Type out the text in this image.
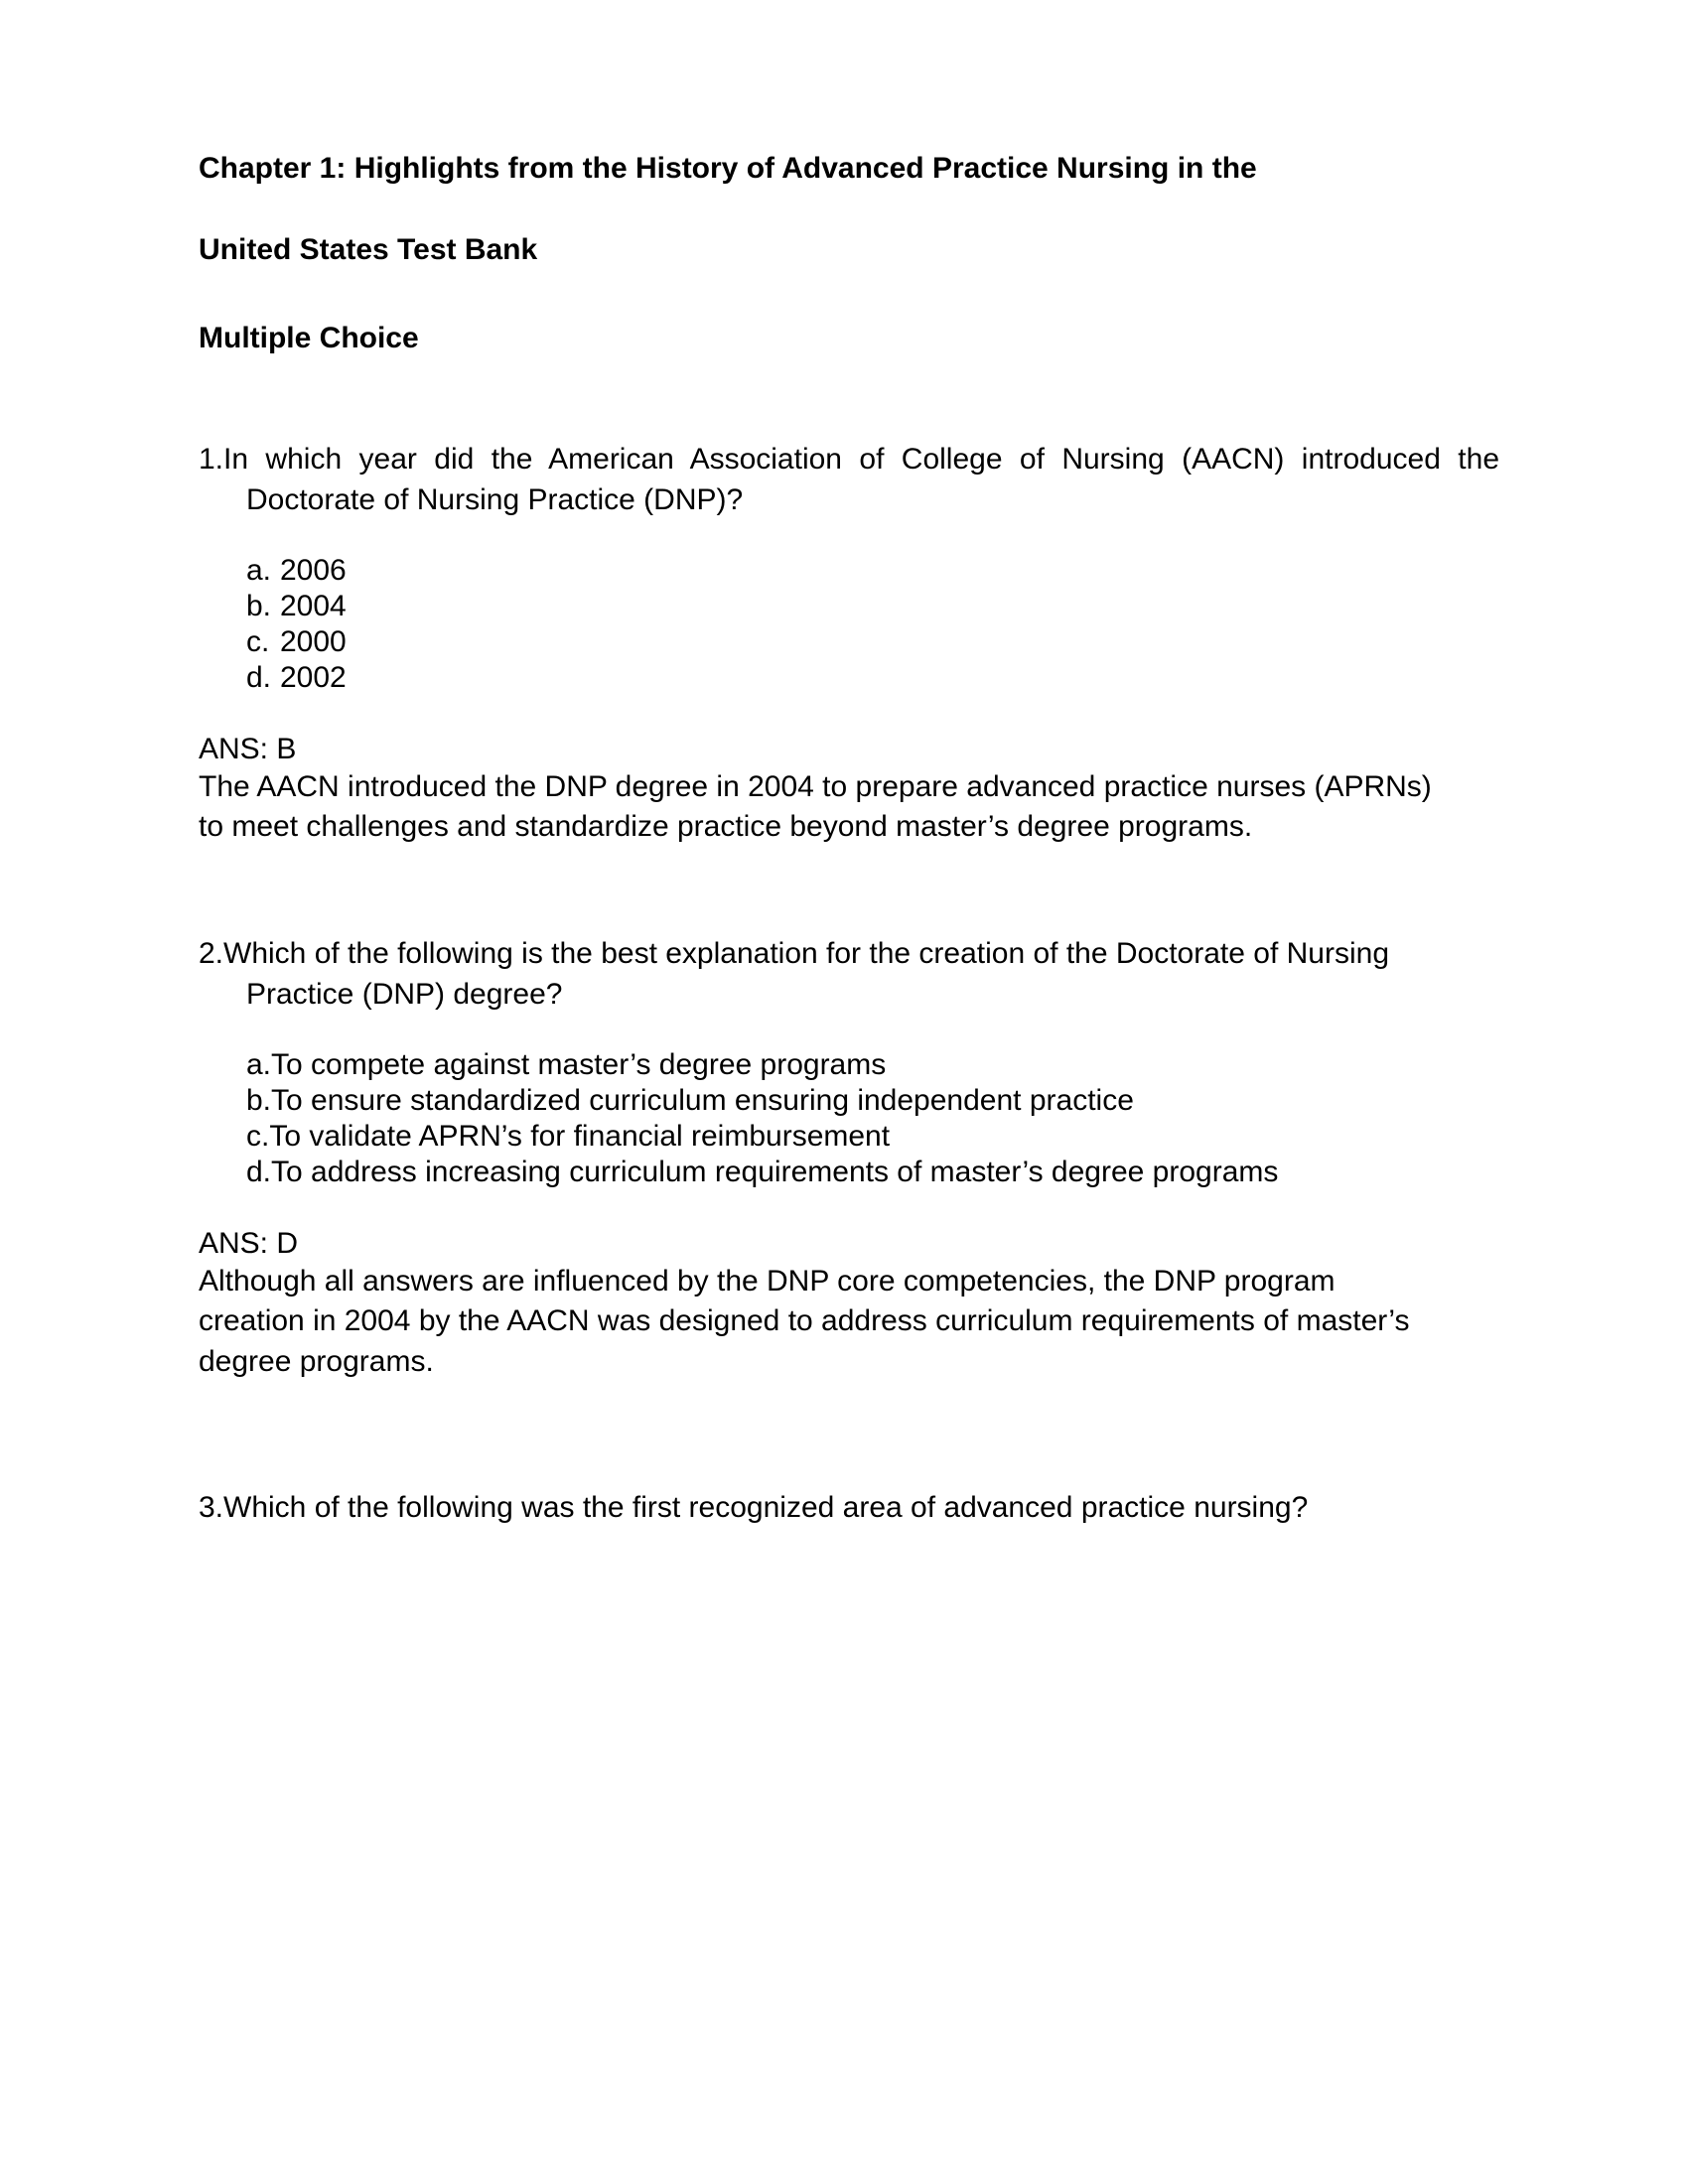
Chapter 1: Highlights from the History of Advanced Practice Nursing in the
United States Test Bank
Multiple Choice

1.In which year did the American Association of College of Nursing (AACN) introduced the Doctorate of Nursing Practice (DNP)?

a. 2006
b. 2004
c. 2000
d. 2002

ANS: B

The AACN introduced the DNP degree in 2004 to prepare advanced practice nurses (APRNs) to meet challenges and standardize practice beyond master’s degree programs.

2.Which of the following is the best explanation for the creation of the Doctorate of Nursing Practice (DNP) degree?

a.To compete against master’s degree programs
b.To ensure standardized curriculum ensuring independent practice
c.To validate APRN’s for financial reimbursement
d.To address increasing curriculum requirements of master’s degree programs

ANS: D

Although all answers are influenced by the DNP core competencies, the DNP program creation in 2004 by the AACN was designed to address curriculum requirements of master’s degree programs.

3.Which of the following was the first recognized area of advanced practice nursing?
